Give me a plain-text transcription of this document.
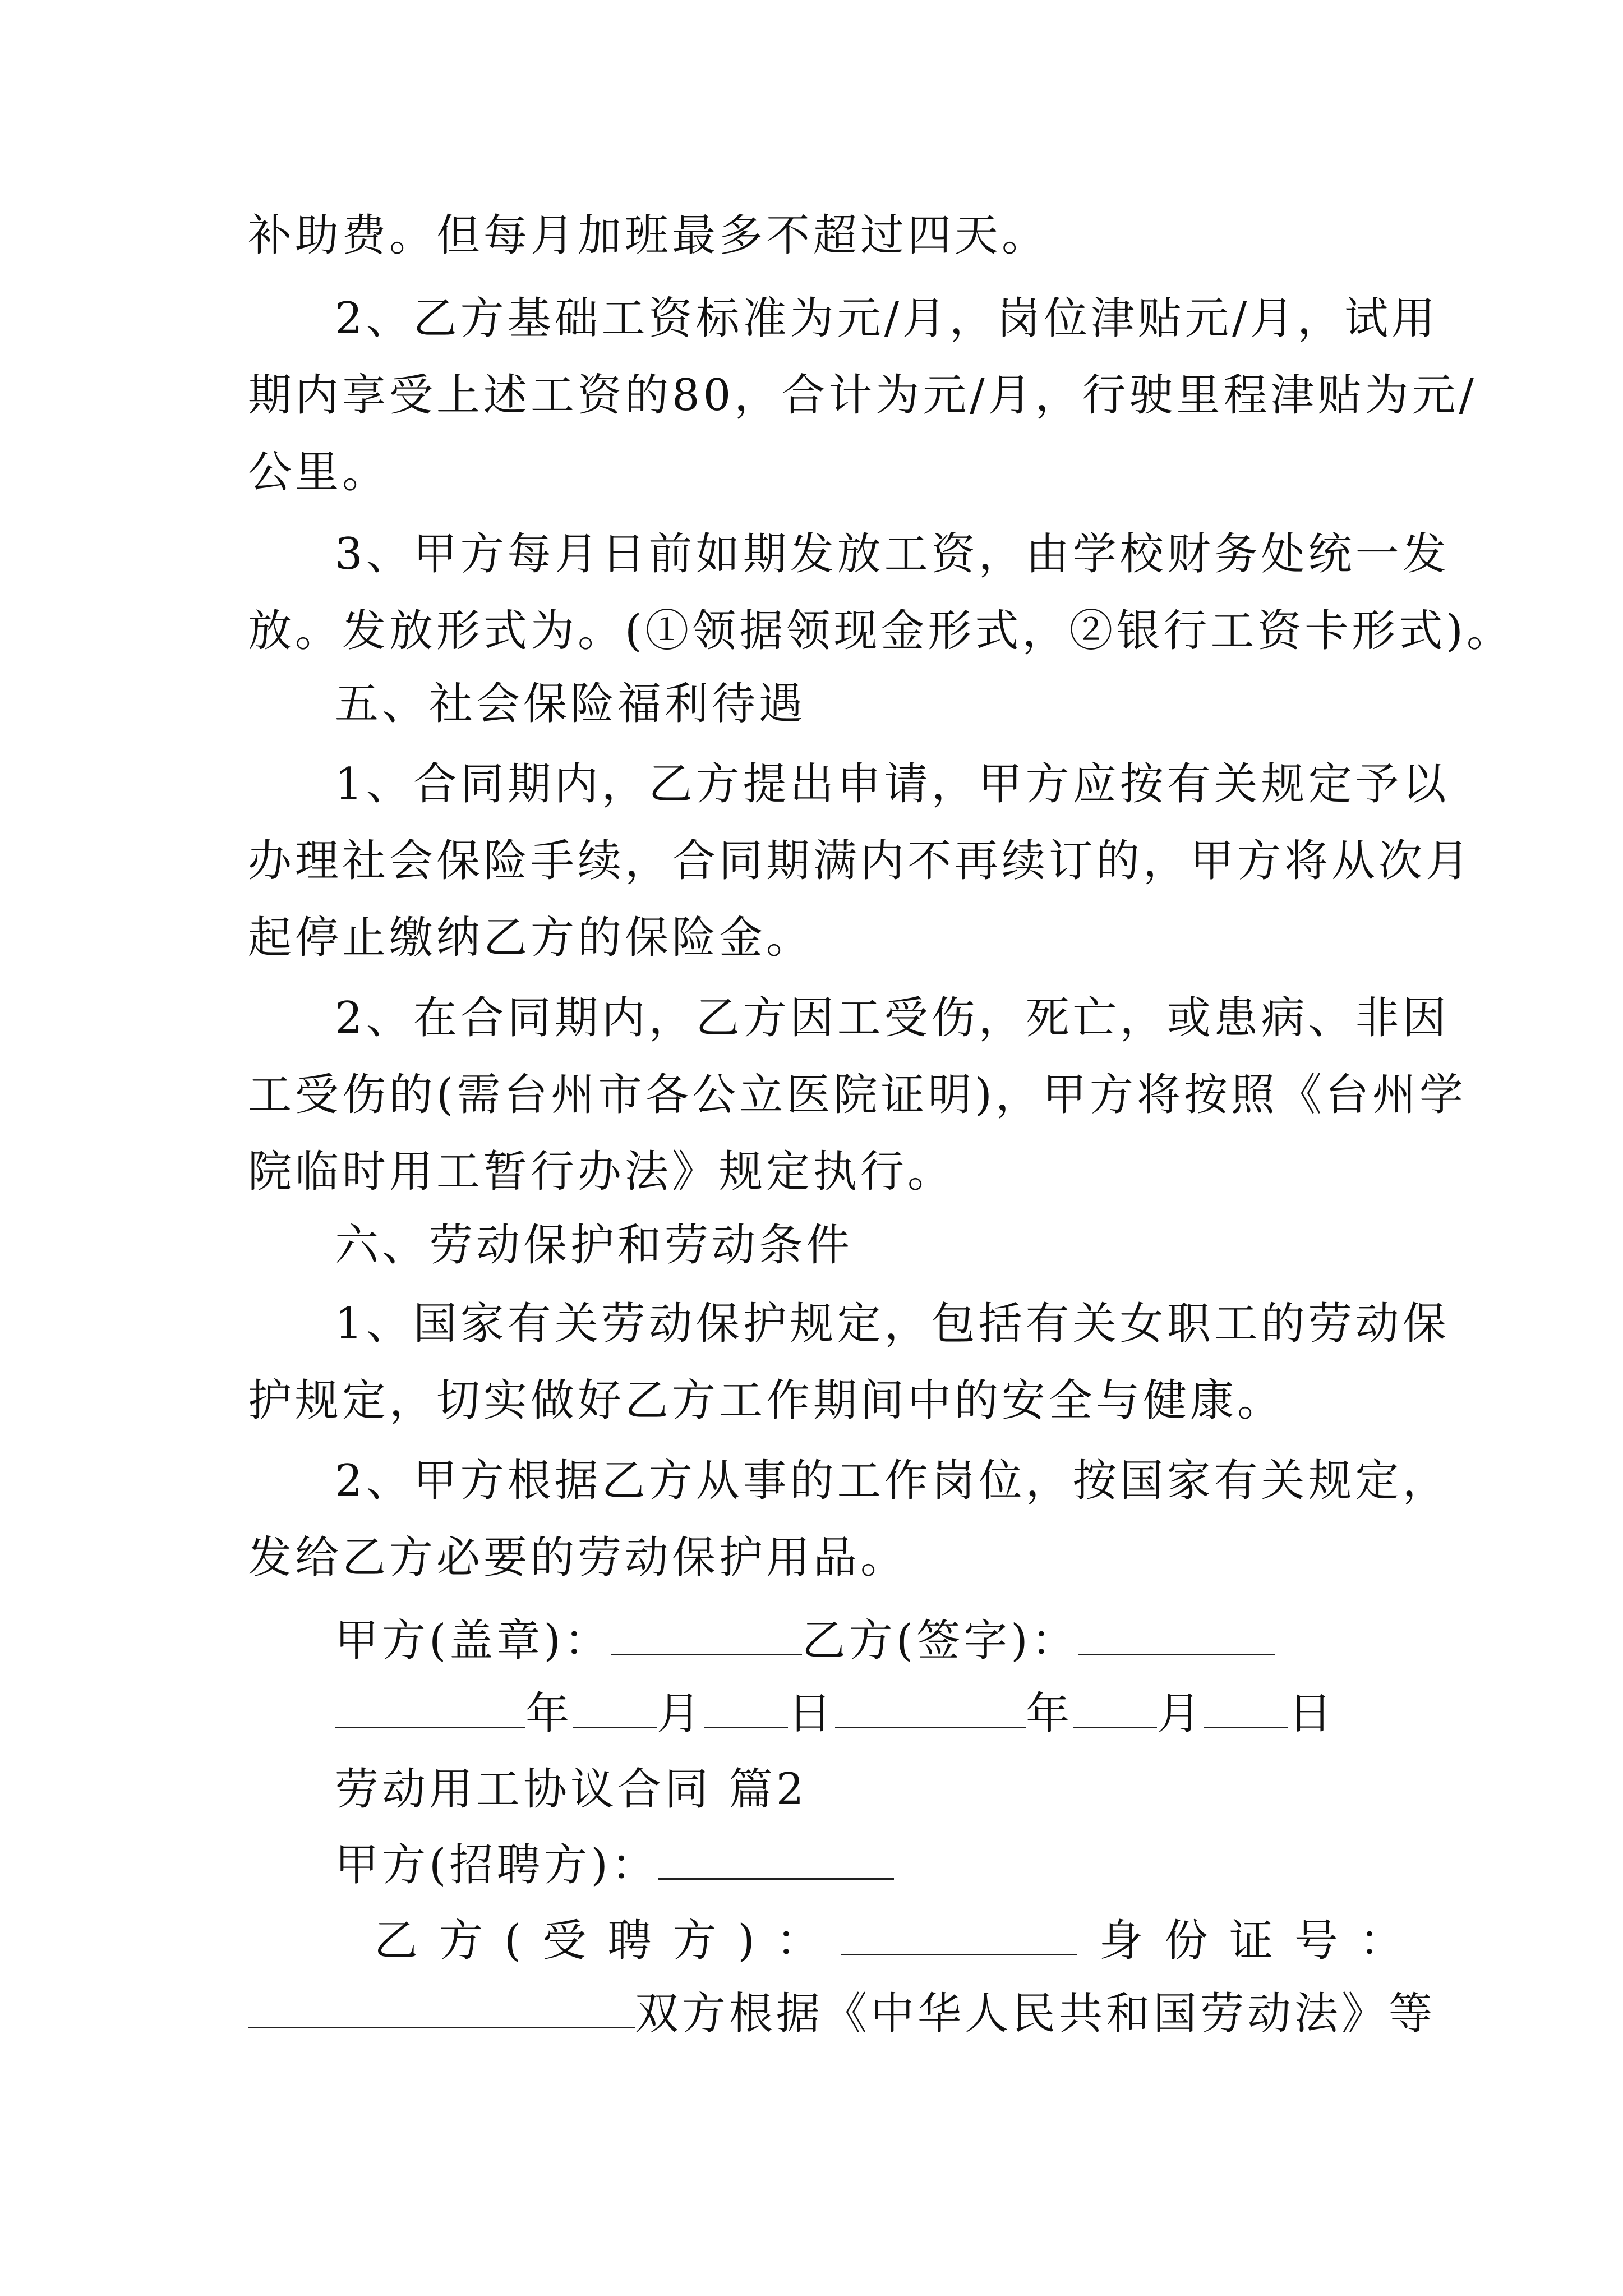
补助费。但每月加班最多不超过四天。
2、乙方基础工资标准为元/月，岗位津贴元/月，试用
期内享受上述工资的80，合计为元/月，行驶里程津贴为元/
公里。
3、甲方每月日前如期发放工资，由学校财务处统一发
放。发放形式为。(①领据领现金形式，②银行工资卡形式)。
五、社会保险福利待遇
1、合同期内，乙方提出申请，甲方应按有关规定予以
办理社会保险手续，合同期满内不再续订的，甲方将从次月
起停止缴纳乙方的保险金。
2、在合同期内，乙方因工受伤，死亡，或患病、非因
工受伤的(需台州市各公立医院证明)，甲方将按照《台州学
院临时用工暂行办法》规定执行。
六、劳动保护和劳动条件
1、国家有关劳动保护规定，包括有关女职工的劳动保
护规定，切实做好乙方工作期间中的安全与健康。
2、甲方根据乙方从事的工作岗位，按国家有关规定，
发给乙方必要的劳动保护用品。
甲方(盖章)：	乙方(签字)：
年 月 日	年 月 日
劳动用工协议合同 篇2
甲方(招聘方)：
乙方(受聘方)：	身份证号：
双方根据《中华人民共和国劳动法》等
